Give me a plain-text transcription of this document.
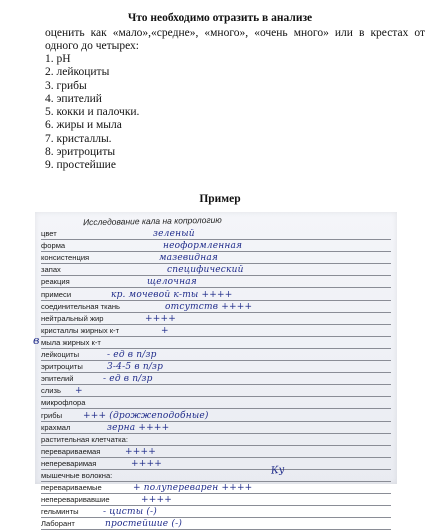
Что необходимо отразить в анализе
оценить как «мало»,«средне», «много», «очень много» или в крестах от одного до четырех:
1. pH
2. лейкоциты
3. грибы
4. эпителий
5. кокки и палочки.
6. жиры и мыла
7. кристаллы.
8. эритроциты
9. простейшие
Пример
Исследование кала на копрологию
в
цвет	зеленый
форма	неоформленная
консистенция	мазевидная
запах	специфический
реакция	щелочная
примеси	кр. мочевой к-ты ++++
соединительная ткань	отсутств ++++
нейтральный жир	++++
кристаллы жирных к-т	+
мыла жирных к-т
лейкоциты	- ед в п/зр
эритроциты	3-4-5 в п/зр
эпителий	- ед в п/зр
слизь +
микрофлора
грибы +++ (дрожжеподобные)
крахмал	зерна ++++
растительная клетчатка:
перевариваемая	++++
непереваримая	++++
мышечные волокна:
перевариваемые	+ полупереварен ++++
непереваривавшие	++++
гельминты	- цисты (-)
Лаборант	простейшие (-)
Ку
